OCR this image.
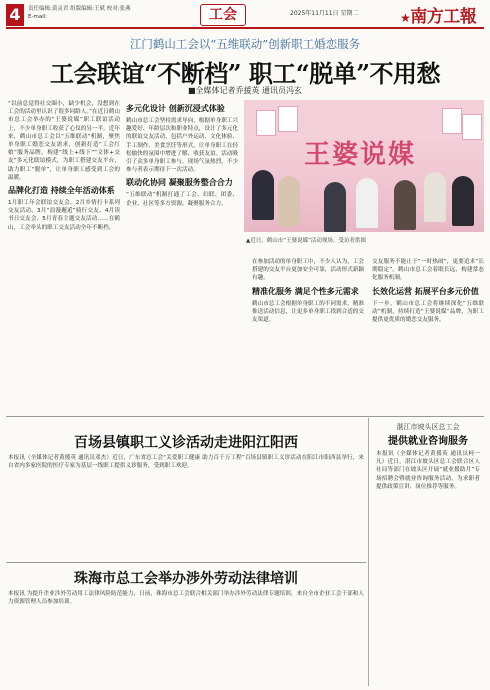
4	责任编辑:黄灵君 组版编辑:王斌 校对:张燕
E-mail:	工会	2025年11月11日 星期二	★南方工報
江门鹤山工会以“五维联动”创新职工婚恋服务
工会联谊“不断档” 职工“脱单”不用愁
■全媒体记者乔援英 通讯员冯玄
“以前总觉得社交圈小，缺少机会，没想到在工会的活动里认识了很多同龄人。”在近日鹤山市总工会举办的“王婆说媒”职工联谊活动上，不少单身职工收获了心仪的另一半。近年来，鹤山市总工会以“五维联动”机制，聚焦单身职工婚恋交友需求，创新打造“工会红娘”服务品牌，构建“线上+线下”“文体+交友”多元化联谊模式，为职工搭建交友平台，助力职工“脱单”，让单身职工感受到工会的温暖。
品牌化打造 持续全年活动体系
1月职工年会联谊交友会、2月乡情打卡系列交友活动、3月“浪漫邂逅”骑行交友、4月读书日交友会、5月青春主题交友活动……在鹤山，工会牵头的职工交友活动全年不断档。
多元化设计 创新沉浸式体验
鹤山市总工会坚持需求导向，根据单身职工兴趣爱好、年龄层次和职业特点，设计了多元化的联谊交友活动，包括户外运动、文化体验、手工制作、美食烹饪等形式，让单身职工在轻松愉快的氛围中增进了解、收获友谊。活动吸引了众多单身职工参与，现场气氛热烈，不少参与者表示期待下一次活动。
联动化协同 凝聚服务整合合力
“五维联动”机制打通了工会、妇联、团委、企业、社区等多方资源，凝聚服务合力。
王婆说媒
▲近日，鹤山市“王婆说媒”活动现场。受访者供图
在参加活动的单身职工中，不少人认为，工会搭建的交友平台更加安全可靠，活动形式新颖有趣。
精准化服务 满足个性多元需求
鹤山市总工会根据单身职工的不同需求，精准推送活动信息，让更多单身职工找到合适的交友渠道。
交友服务不能止于“一时热闹”，更要追求“长期稳定”。鹤山市总工会着眼长远，构建常态化服务机制。
长效化运营 拓展平台多元价值
下一步，鹤山市总工会将继续深化“五维联动”机制，持续打造“王婆说媒”品牌，为职工提供更优质的婚恋交友服务。
百场县镇职工义诊活动走进阳江阳西
本报讯（全媒体记者黄援英 通讯员邓杰）近日，广东省总工会“关爱职工健康 助力百千万工程”百场县镇职工义诊活动在阳江市阳西县举行，来自省内多家医院的医疗专家为基层一线职工提供义诊服务，受到职工欢迎。
珠海市总工会举办涉外劳动法律培训
本报讯 为提升企业涉外劳动用工法律风险防范能力，日前，珠海市总工会联合相关部门举办涉外劳动法律专题培训，来自全市企业工会干部和人力资源管理人员参加培训。
湛江市坡头区总工会
提供就业咨询服务
本报讯（全媒体记者黄援英 通讯员柯一凡）近日，湛江市坡头区总工会联合区人社局等部门在坡头区开展“就业援助月”专场招聘会暨就业咨询服务活动，为求职者提供政策宣讲、岗位推荐等服务。
